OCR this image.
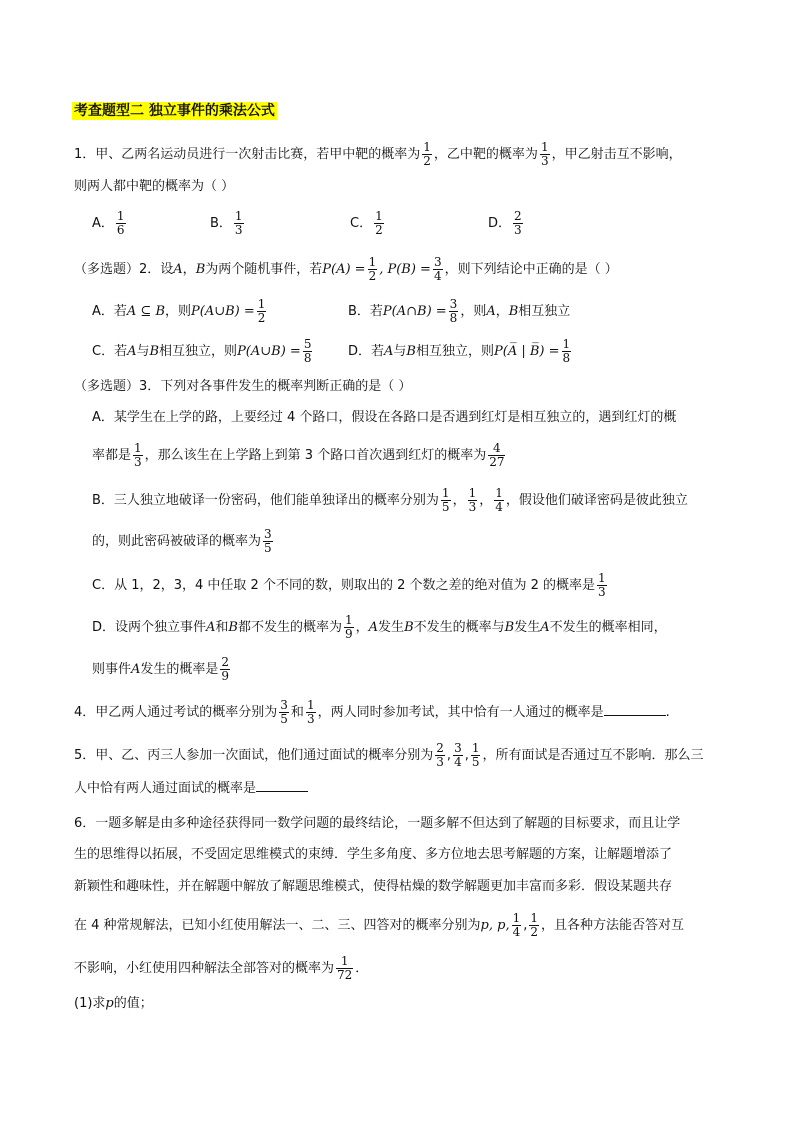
考查题型二 独立事件的乘法公式
1．甲、乙两名运动员进行一次射击比赛，若甲中靶的概率为 $\frac{1}{2}$ ，乙中靶的概率为 $\frac{1}{3}$ ，甲乙射击互不影响，
则两人都中靶的概率为（ ）
A． $\frac{1}{6}$	B． $\frac{1}{3}$	C． $\frac{1}{2}$	D． $\frac{2}{3}$
（多选题）2．设A，B为两个随机事件，若$P(A) = \frac{1}{2}$ , $P(B) = \frac{3}{4}$ ，则下列结论中正确的是（ ）
A．若A ⊆ B，则P(A∪B) = $\frac{1}{2}$	B．若P(A∩B) = $\frac{3}{8}$ ，则A，B相互独立
C．若A与B相互独立，则P(A∪B) = $\frac{5}{8}$	D．若A与B相互独立，则P(A̅ | B̅) = $\frac{1}{8}$
（多选题）3．下列对各事件发生的概率判断正确的是（ ）
A．某学生在上学的路，上要经过 4 个路口，假设在各路口是否遇到红灯是相互独立的，遇到红灯的概
率都是 $\frac{1}{3}$ ，那么该生在上学路上到第 3 个路口首次遇到红灯的概率为 $\frac{4}{27}$
B．三人独立地破译一份密码，他们能单独译出的概率分别为 $\frac{1}{5}$ ， $\frac{1}{3}$ ， $\frac{1}{4}$ ，假设他们破译密码是彼此独立
的，则此密码被破译的概率为 $\frac{3}{5}$
C．从 1，2，3，4 中任取 2 个不同的数，则取出的 2 个数之差的绝对值为 2 的概率是 $\frac{1}{3}$
D．设两个独立事件A和B都不发生的概率为 $\frac{1}{9}$ ，A发生B不发生的概率与B发生A不发生的概率相同，
则事件A发生的概率是 $\frac{2}{9}$
4．甲乙两人通过考试的概率分别为 $\frac{3}{5}$ 和 $\frac{1}{3}$ ，两人同时参加考试，其中恰有一人通过的概率是	.
5．甲、乙、丙三人参加一次面试，他们通过面试的概率分别为 $\frac{2}{3}$ , $\frac{3}{4}$ , $\frac{1}{5}$ ，所有面试是否通过互不影响．那么三
人中恰有两人通过面试的概率是
6．一题多解是由多种途径获得同一数学问题的最终结论，一题多解不但达到了解题的目标要求，而且让学
生的思维得以拓展，不受固定思维模式的束缚．学生多角度、多方位地去思考解题的方案，让解题增添了
新颖性和趣味性，并在解题中解放了解题思维模式，使得枯燥的数学解题更加丰富而多彩．假设某题共存
在 4 种常规解法，已知小红使用解法一、二、三、四答对的概率分别为p, p, $\frac{1}{4}$ , $\frac{1}{2}$ ，且各种方法能否答对互
不影响，小红使用四种解法全部答对的概率为 $\frac{1}{72}$ ．
(1)求p的值；
